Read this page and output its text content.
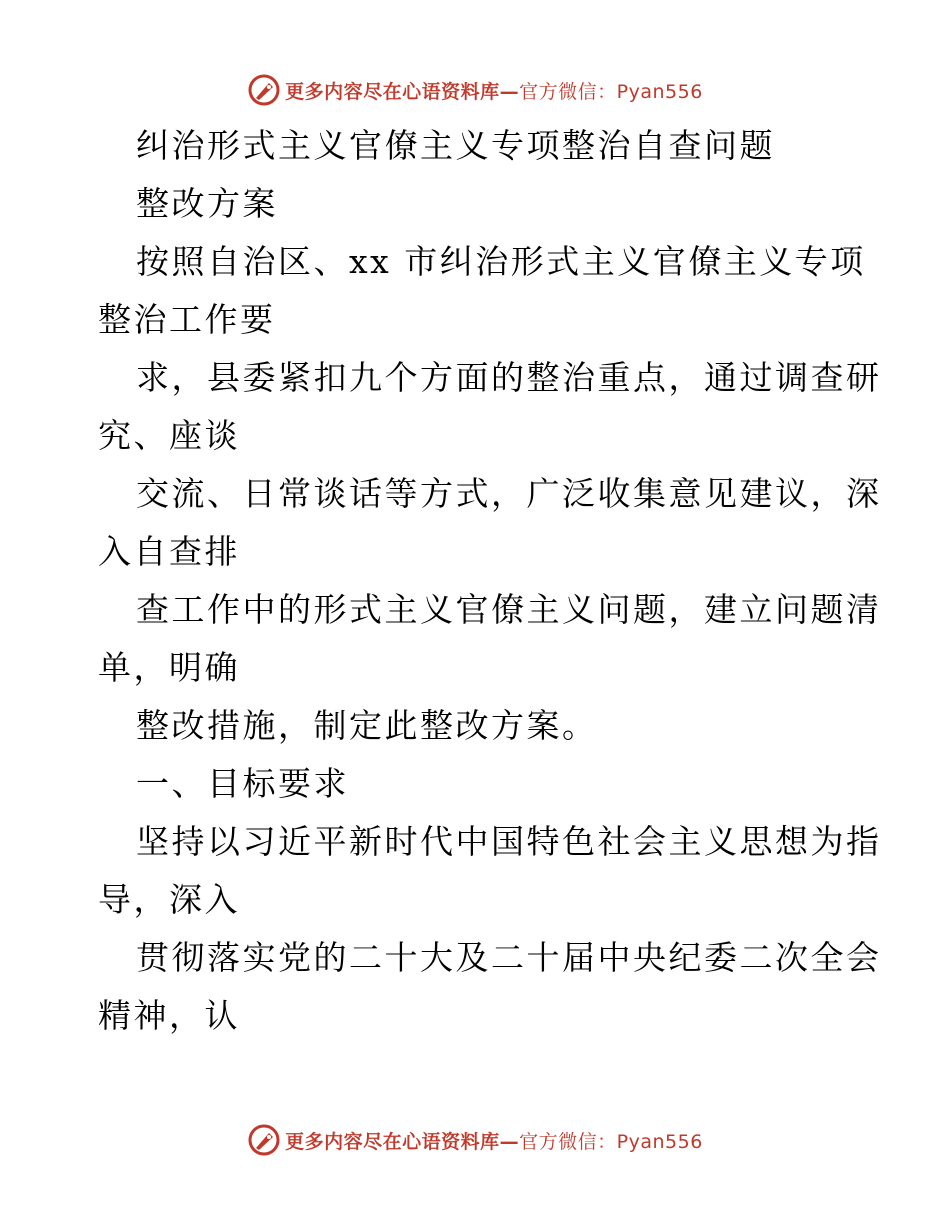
更多内容尽在心语资料库—官方微信：Pyan556
纠治形式主义官僚主义专项整治自查问题
整改方案
按照自治区、xx 市纠治形式主义官僚主义专项
整治工作要
求，县委紧扣九个方面的整治重点，通过调查研
究、座谈
交流、日常谈话等方式，广泛收集意见建议，深
入自查排
查工作中的形式主义官僚主义问题，建立问题清
单，明确
整改措施，制定此整改方案。
一、目标要求
坚持以习近平新时代中国特色社会主义思想为指
导，深入
贯彻落实党的二十大及二十届中央纪委二次全会
精神，认
更多内容尽在心语资料库—官方微信：Pyan556
